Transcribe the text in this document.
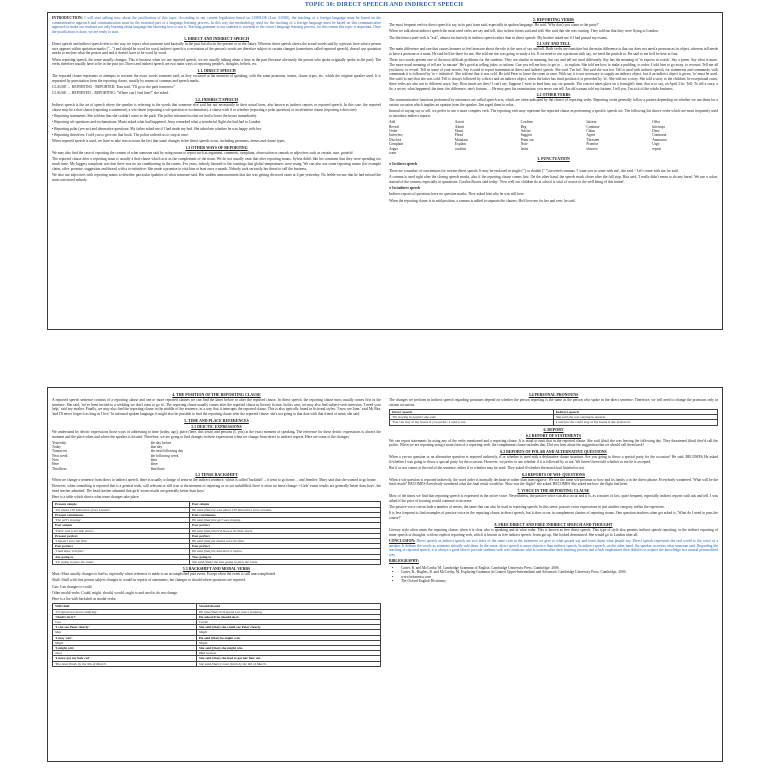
TOPIC 30: DIRECT SPEECH AND INDIRECT SPEECH

INTRODUCTION: I will start talking now about the justification of this topic. According to our current legislation based on LOMLOE (Law 3/2020), the teaching of a foreign language must be based on the communicative approach and communication must be the essential part of a language learning process. In this way the methodology used for the teaching of a foreign language must be based on this communicative approach to make our students not only learning about language but knowing how to use it. Teaching grammar to our students is essential to the correct language learning process, for this reason this topic is important. Once the justification is done, we are ready to start.

1. DIRECT AND INDIRECT SPEECH

Direct speech and indirect speech refer to the way we report what someone said basically in the past but also in the present or in the future. Whereas direct speech shows the actual words said by a person, here what a person says appears within quotation marks ("...") and should be word for word, indirect speech is a recreation of the person's words are therefore subject to certain changes (sometimes called reported speech), doesn't use quotation marks to enclose what the person said and it doesn't have to be word by word.

When reporting speech, the tense usually changes. This is because when we use reported speech, we are usually talking about a time in the past (because obviously the person who spoke originally spoke in the past). The verbs therefore usually have to be in the past too. Direct and indirect speech are two main ways of reporting people's, thoughts, beliefs, etc.

1.1. DIRECT SPEECH

The reported clause represents or attempts to recreate the exact words someone said, as they occurred at the moment of speaking, with the same pronouns, tenses, clause types, etc. which the original speaker used. It is separated by punctuation from the reporting clause, usually by means of commas and speech marks.

CLAUSE → REPORTING - REPORTED: Tom said, "I'll go to the park tomorrow"

CLAUSE → REPORTED – REPORTING: "Where can I find him?" she asked.

1.2. INDIRECT SPEECH

Indirect speech is the art of speech where the speaker is referring to the words that someone else said but not necessarily in their actual form, also known as indirect reports or reported speech. In this case, the reported clause may be a that-clause (reporting a statement), a wh-clause (reporting a wh-question or exclamation), a clause with if or whether (reporting a polar question) or an infinitive clause (reporting a directive).

• Reporting statements: She told me that she couldn't come to the park. The police informed us that we had to leave the house immediately.

• Reporting wh-questions and exclamations: Maria asked what had happened. Jessy remarked what a wonderful flight she had had to London.

• Reporting polar (yes-no) and alternative questions: My father asked me if I had made my bed. She asked me whether he was happy with her.

• Reporting directives: I told you to give me that book. The police ordered us to stop at once.

When reported speech is used, we have to take into account the fact that some changes in the direct speech occur, including pronouns, tenses and clause types.

1.3 OTHER WAYS OF REPORTING

We may also find the case of reporting the content of what someone said by using nouns to report such as argument, comment, complaint, observation or remark or adjectives such as certain, sure, grateful.

The reported clause after a reporting noun is usually a that-clause which acts as the complement of the noun. We do not usually omit that after reporting nouns. Sylvia didn't like his comment that they were spending too much time. My biggest complaint was that there was no air conditioning in the rooms. For years, nobody listened to the warnings that global temperatures were rising. We can also use some reporting nouns (for example claim, offer, promise, suggestion and threat) with a to-infinitive: She made a promise to visit him at least once a month. Nobody took seriously her threat to sell the business.

We also use adjectives with reporting nouns to describe particular qualities of what someone said. Her sudden announcement that she was getting divorced came at 4 pm yesterday. No feeble excuse that he had missed the train convinced nobody.

2. REPORTING VERBS

The most frequent verb in direct speech is say in its past form said, especially in spoken language. He said, 'Why don't you come to the party?'

When we talk about indirect speech the most used verbs are say and tell, also in their forms said and told. She said that she was coming. They told me that they were flying to London.

The third most used verb is "ask", almost exclusively in indirect speech rather than in direct speech: My brother asked me if I had passed my exams.

2.1 SAY AND TELL

The main difference and one that causes learners to feel insecure about the rule is the uses of say and tell. Both verbs are transitive but the main difference is that say does not need a pronoun as its object, whereas tell needs to have a pronoun or a noun. He said he'd be there for me. She told me she was going to study a lot. If we need to use a pronoun with say, we need the particle to. He said to me he'd be here at four.

These two words present one of the most difficult problems for the students. They are similar in meaning, but say and tell are used differently. Say has the meaning of 'to express in words'. Say a poem. Say what is more. The more usual meaning of tell are 'to narrate'. He's good at telling jokes, to inform: Can you tell me how to get to ... to explain. She told me how to make a pudding, to order: I told him to go away, to recount: Tell me all you know, to reveal: Tell us some of your secrets. Say is used to report statements in direct and indirect speech. She said: 'I'm hot'. She said she was hot. Tell is used with indirect speech, for statements and commands; with commands it is followed by 'to + infinitive': She told me that it was cold. He told Peter to leave the room at once. With say it is not necessary to supply an indirect object, but if an indirect object is given, 'to' must be used. She said (to me) that she was cold. Tell is always followed by a direct and an indirect object, when the latter has final position it is preceded by 'to'. She told me a story. She told a story to the children. In exceptional cases, these verbs are also use to different ways: Say: How much are they? I can't say. Suppose I were to lend him, say, six pounds. The concert takes place on a fortnight's time, that is to say, on April 21st. Tell: To tell a story, a lie, a secret, what happened, the time, the difference, one's fortune, ... He may pass his examination; you never can tell. An old woman told my fortune. I tell you, I'm sick of the whole business.

2.2 OTHER VERBS

The communicative functions performed by utterances are called speech acts, which are often indicated by the choice of reporting verbs. Reporting verbs generally follow a pattern depending on whether we use them for a certain occasion which implies an opinion from the speaker. Jim urged them to relax.

Instead of saying say or tell, we prefer to use a more complex verb. The reporting verb may represent the reported clause as performing a specific speech act. The following list shows verbs which are most frequently used to introduce indirect reports:

Add	Assert	Confirm	Inform	Offer
Reveal	Admit	Beg	Continue	Interrupt
Order	Shout	Advise	Claim	Deny
Interview	Plead	Suggest	Agree	Comment
Disclose	Maintain	Point out	Threaten	Announce
Complain	Explain	Note	Promise	Urge
Argue	confirm	Insist	observe	repeat
warn
3. PUNCTUATION

● In direct speech

There are a number of conventions for written direct speech: It may be enclosed in single (' ') or double (" ") inverted commas. 'I want you to come with me', she said. / Let's come with me, he said.

A comma is used right after the closing speech marks, also if the reporting clause comes first. On the other hand, the speech mark closes after the full stop. Rita said, 'I really didn't mean to do any harm'. We use a colon, instead of the comma, especially in quotations. Gordon Brown said today: 'Now well our children do at school is vital of course to the well being of this nation'.

● In indirect speech

Indirect reports of questions have no question marks. They asked him why he was still here.

When the reporting clause is in mid position, a comma is added to separate the clauses: He'd love me for her and ever, he said.

4. THE POSITION OF THE REPORTING CLAUSE

A reported speech sentence consists of a reporting clause and one or more reported clauses we can find the latter before or after the reported clause. In direct speech, the reporting clause most usually comes first in the sentence. She said, 'we've been invited to a wedding we don't want to go to'. The reporting clause usually comes after the reported clause in literary fiction. In this case, we may also find subject-verb inversion. 'I need your help,' said my mother. Finally, we may also find the reporting clause in the middle of the sentence, in a way that it interrupts the reported clause. This is also typically found in fictional styles: 'I now see Jane,' said Mr Rea, 'and I'll never forget it as long as I live.' In informal spoken language, it might also be possible to find the reporting clause after the reported clause: she's not going to that date with that friend of mine, she said.

5. TIME AND PLACE REFERENCES
5.1 DEICTIC EXPRESSIONS

We understand by deictic expressions those ways of addressing to time (today, ago), place (here, this town) and persons (I, you) at the exact moment of speaking. The reference for these deictic expressions is always the moment and the place when and where the speaker is located. Therefore, we are going to find changes in these expressions when we change from direct to indirect reports. Here are some of the changes:

Yesterday	the day before
Today	that day
Tomorrow	the next/following day
Next week	the following week
Now	then
Here	there
This/these	that/those
5.2 TENSE BACKSHIFT

When we change a sentence from direct to indirect speech, there is usually a change of tense in the indirect sentence, which is called 'backshift' – it went to go home… and Jennifer: Mary said that she wanted to go home.

However, when something is reported that is a general truth, still relevant or still true at the moment of reporting or as yet unfulfilled, there is often no tense change: +Girls' exam results are generally better than boys', the head teacher admitted. The head teacher admitted that girls' exam results are generally better than boys'.

Here is a table which shows what tense changes take place:

Present simple	Past simple
'I'm about 150 kilometres from London'.	He said (that) he was about 150 kilometres from London.
Present continuous	Past continuous
'The girl's singing'.	He said (that) the girl was singing.
Past simple	Past perfect
'There was a terrible storm'.	He said (that) there'd been a terrible storm.
Present perfect	Past perfect
'I haven't seen the film'.	He said (that) he hadn't seen the film.
Past perfect	Past perfect
'I had done it before'.	He said (that) he had done it before.
Am going to	Was going to
'I'm going to pass the exam'.	She said (that) she was going to pass the exam.
5.3 BACKSHIFT AND MODAL VERBS

Must: Must usually changes to had to, especially when reference is made to an accomplished past event. Except when the event is still unaccomplished.

Shall: Shall with first person subject changes to would in reports of statements, but changes to should where questions are reported.

Can: Can changes to could.

Other modal verbs: Could, might, should, would, ought to and used to do not change.

Here is a list with backshift in modal verbs:

Will/shall	Would/should
'I'll spend two hours studying'.	He said (that) he'd spend two hours studying.
'Shall I do it?'	He asked if he should do it.
Can	Could
'I can see Peter clearly'.	She said (that) she could see Peter clearly.
May	Might
'I may win'.	He said (that) he might win.
Might	Might
'I might win'.	She said (that) she might win.
must	Had to/must
'I must get my hair cut'.	She said (that) she had to get her hair cut.
'You must finish by the 9th of March'.	She said (that) I must finish by the 9th of March.
5.4 PERSONAL PRONOUNS

The changes we perform in indirect speech regarding pronouns depend on whether the person reporting is the same as the person who spoke in the direct sentence. Therefore, we will need to change the pronouns only in certain occasions.

Direct speech	Indirect speech
'I'm staying in Austria' she said.	She said she was staying in Austria.
'You can stay at my house if you prefer', I said to her.	I told her she could stay at my house if she preferred.
6. REPORT
6.1 REPORT OF STATEMENTS

We can report statements by using any of the verbs mentioned and a reporting clause. It is usual to omit that in the reported clause. She said (that) she was leaving the following day. They threatened (that) they'd call the police. When we are reporting using a noun form of a reporting verb, the complement clause includes that. Did you hear about the suggestion that we should call them back?

6.2 REPORTS OF POLAR AND ALTERNATIVE QUESTIONS

When a yes-no question or an alternative question is reported indirectly, if or whether is used with a declarative clause structure. Are you going to throw a special party for the occasion? He said. BECOMES He asked if/whether I was going to throw a special party for the occasion. However, we prefer to use whether if it is followed by or not. We haven't been told whether or not he is accepted.

But if or not comes at the end of the sentence, either if or whether may be used. They asked if/whether the match had finished or not.

6.3 REPORTS OF WH- QUESTIONS

When a wh-question is reported indirectly, the word order is normally declarative rather than interrogative. We use the same wh-pronoun or how and its family a in the direct phrase. Everybody wondered, 'What will be the final result?' BECOMES Everybody wondered what the final result would be. 'How was the flight?' she asked. BECOMES She asked me how the flight had been.

7. VOICE IN THE REPORTING CLAUSE

Most of the times we find that reporting speech is expressed in the active voice. Nevertheless, the passive voice can also occur and it is, as a matter of fact, quite frequent, especially indirect reports with ask and tell. I was asked if the price of housing would continue to increase.

The passive voice can include a number of tenses, the same that can also be used in reporting speech. In this sense, passive voice expressions in just another category within the repertoire.

It is less frequent to find examples of passive voice in the reporting clause in direct speech, but it does occur in complement clauses of reporting nouns. One question teachers often get asked is, 'What do I need to pass the course?'

8. FREE DIRECT AND FREE INDIRECT SPEECH AND THOUGHT

Literary style often omits the reporting clause, when it is clear who is speaking and in what order. This is known as free direct speech. This type of style also permits indirect speech reporting, or the indirect reporting of inner speech or thoughts, with no explicit reporting verb, which is known as free indirect speech. Jenni got up. She looked determined. She would go to London after all.

CONCLUSION: Direct speech as indirect speech are two sides of the same coin in the treatment we give to what people say and learn about what people say. Direct speech represents the real world to the voice of a speaker. It defines the words as someone actually said them. In the sense, direct speech is more objective than indirect speech. In indirect speech, on the other hand, the speaker recreates what someone said. Regarding the teaching of reported speech, it is always a good idea to provide students with real situations which contextualize their learning process and which emphasizes their abilities to acquire the knowledge in a natural personalized way.

BIBLIOGRAPHY:

• Carter, R. and McCarthy, M. Cambridge Grammar of English. Cambridge University Press. Cambridge. 2006.
• Carter, R., Hughes, R. and McCarthy, M. Exploring Grammar in Context Upper-Intermediate and Advanced. Cambridge University Press. Cambridge. 2000.
• www.britannica.com
• The Oxford English Dictionary
